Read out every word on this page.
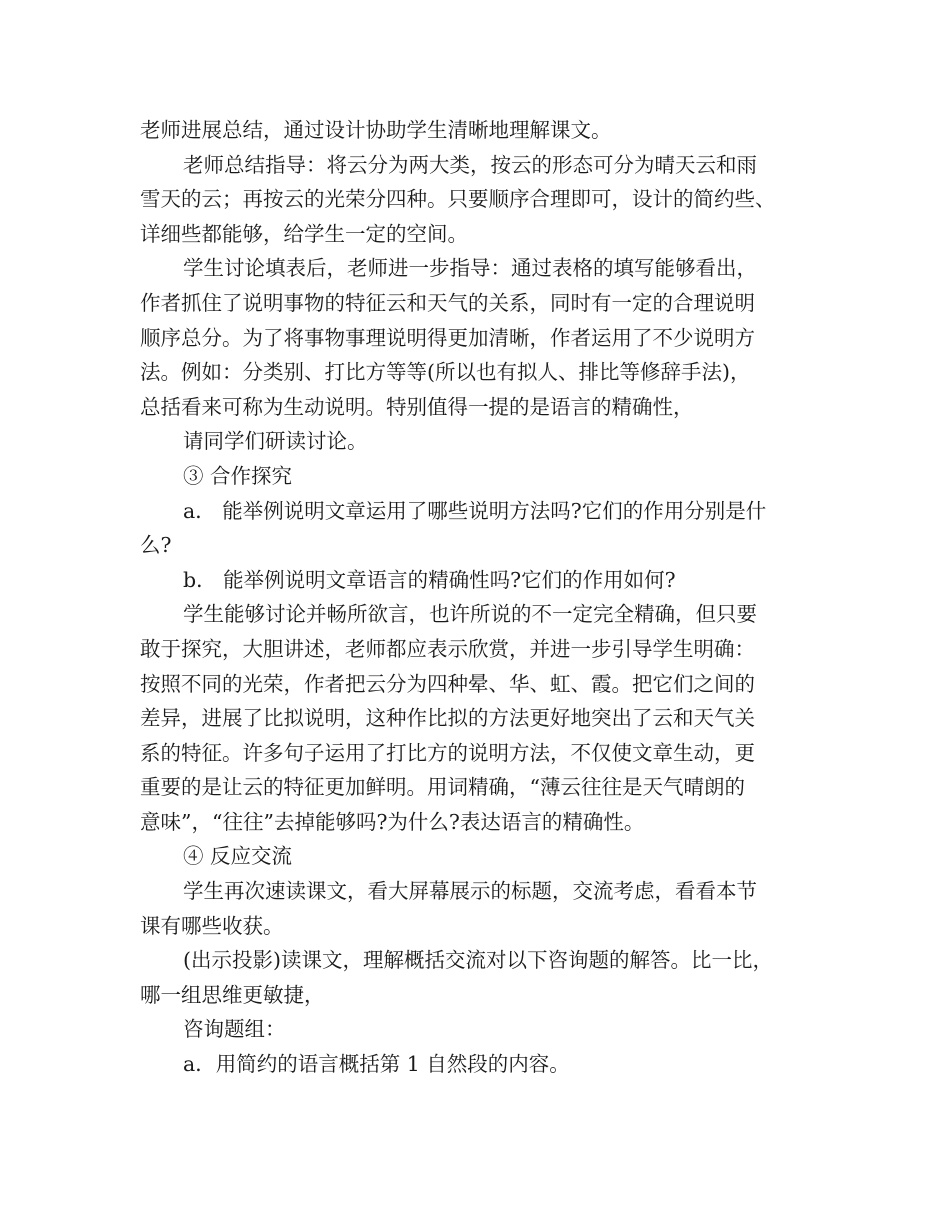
老师进展总结，通过设计协助学生清晰地理解课文。
老师总结指导：将云分为两大类，按云的形态可分为晴天云和雨
雪天的云；再按云的光荣分四种。只要顺序合理即可，设计的简约些、
详细些都能够，给学生一定的空间。
学生讨论填表后，老师进一步指导：通过表格的填写能够看出，
作者抓住了说明事物的特征云和天气的关系，同时有一定的合理说明
顺序总分。为了将事物事理说明得更加清晰，作者运用了不少说明方
法。例如：分类别、打比方等等(所以也有拟人、排比等修辞手法)，
总括看来可称为生动说明。特别值得一提的是语言的精确性，
请同学们研读讨论。
③ 合作探究
a． 能举例说明文章运用了哪些说明方法吗?它们的作用分别是什
么?
b． 能举例说明文章语言的精确性吗?它们的作用如何?
学生能够讨论并畅所欲言，也许所说的不一定完全精确，但只要
敢于探究，大胆讲述，老师都应表示欣赏，并进一步引导学生明确：
按照不同的光荣，作者把云分为四种晕、华、虹、霞。把它们之间的
差异，进展了比拟说明，这种作比拟的方法更好地突出了云和天气关
系的特征。许多句子运用了打比方的说明方法，不仅使文章生动，更
重要的是让云的特征更加鲜明。用词精确，“薄云往往是天气晴朗的
意味”，“往往”去掉能够吗?为什么?表达语言的精确性。
④ 反应交流
学生再次速读课文，看大屏幕展示的标题，交流考虑，看看本节
课有哪些收获。
(出示投影)读课文，理解概括交流对以下咨询题的解答。比一比，
哪一组思维更敏捷，
咨询题组：
a．用简约的语言概括第 1 自然段的内容。
